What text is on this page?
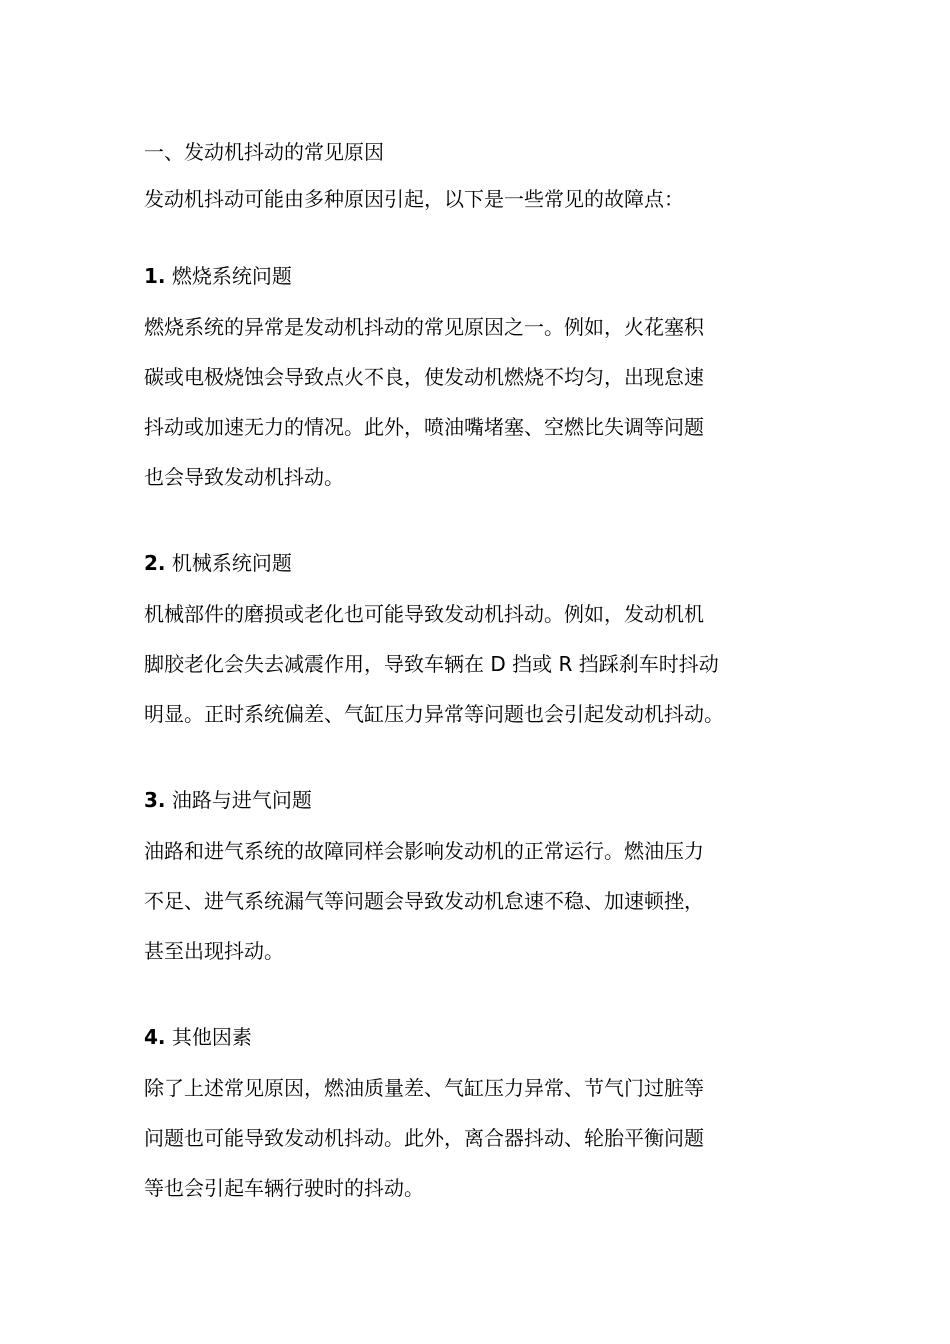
一、发动机抖动的常见原因

发动机抖动可能由多种原因引起，以下是一些常见的故障点：

1. 燃烧系统问题

燃烧系统的异常是发动机抖动的常见原因之一。例如，火花塞积
碳或电极烧蚀会导致点火不良，使发动机燃烧不均匀，出现怠速
抖动或加速无力的情况。此外，喷油嘴堵塞、空燃比失调等问题
也会导致发动机抖动。

2. 机械系统问题

机械部件的磨损或老化也可能导致发动机抖动。例如，发动机机
脚胶老化会失去减震作用，导致车辆在 D 挡或 R 挡踩刹车时抖动
明显。正时系统偏差、气缸压力异常等问题也会引起发动机抖动。

3. 油路与进气问题

油路和进气系统的故障同样会影响发动机的正常运行。燃油压力
不足、进气系统漏气等问题会导致发动机怠速不稳、加速顿挫，
甚至出现抖动。

4. 其他因素

除了上述常见原因，燃油质量差、气缸压力异常、节气门过脏等
问题也可能导致发动机抖动。此外，离合器抖动、轮胎平衡问题
等也会引起车辆行驶时的抖动。
